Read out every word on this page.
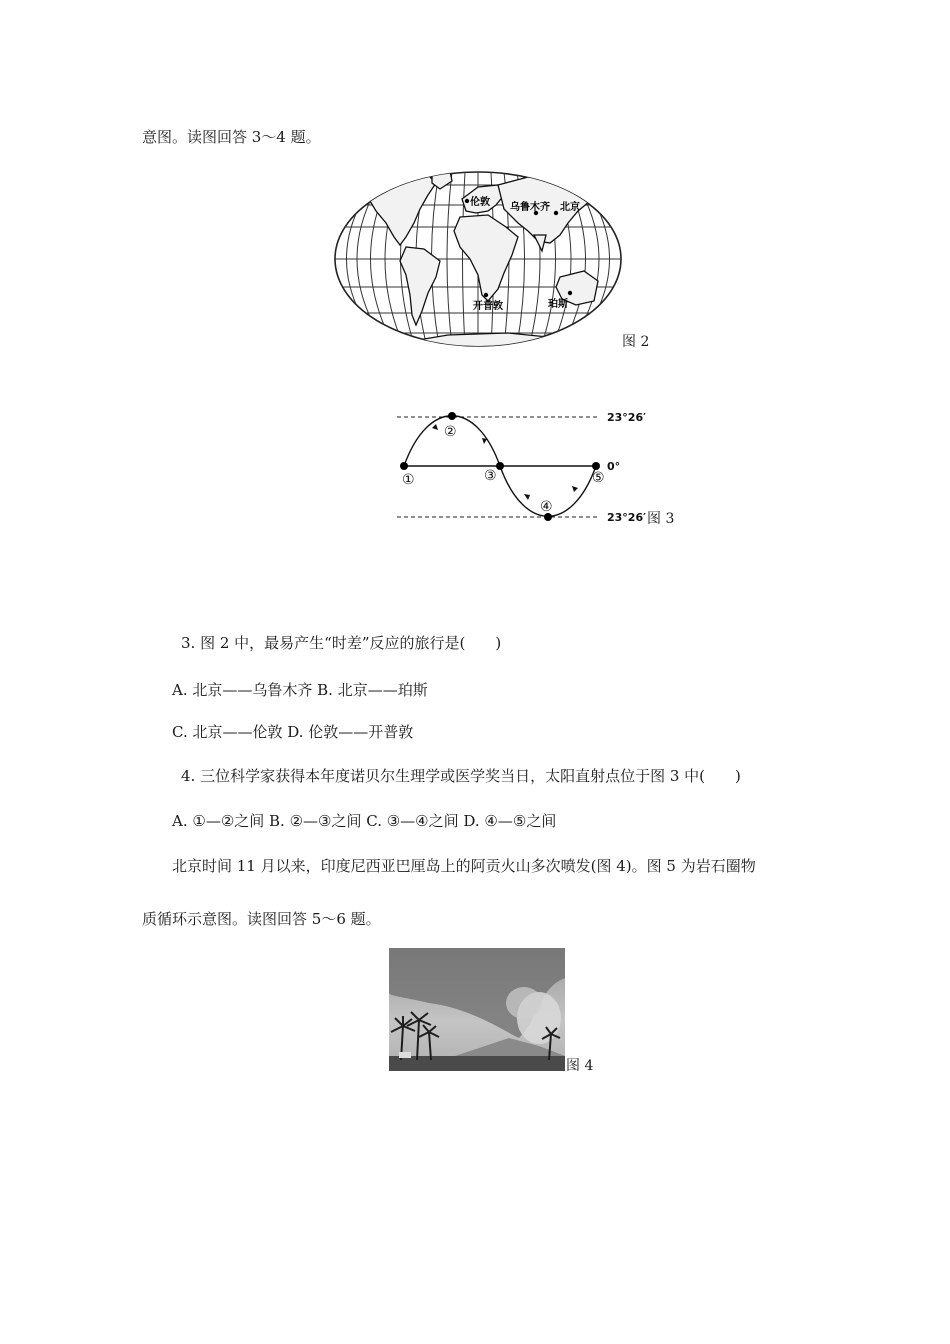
意图。读图回答 3～4 题。
伦敦 乌鲁木齐 北京
开普敦	珀斯
图 2
①
②
③
④
⑤
23°26′
0°
23°26′ 图 3
3. 图 2 中，最易产生“时差”反应的旅行是(　　)
A. 北京——乌鲁木齐 B. 北京——珀斯
C. 北京——伦敦 D. 伦敦——开普敦
4. 三位科学家获得本年度诺贝尔生理学或医学奖当日，太阳直射点位于图 3 中(　　)
A. ①—②之间 B. ②—③之间 C. ③—④之间 D. ④—⑤之间
北京时间 11 月以来，印度尼西亚巴厘岛上的阿贡火山多次喷发(图 4)。图 5 为岩石圈物
质循环示意图。读图回答 5～6 题。
图 4
